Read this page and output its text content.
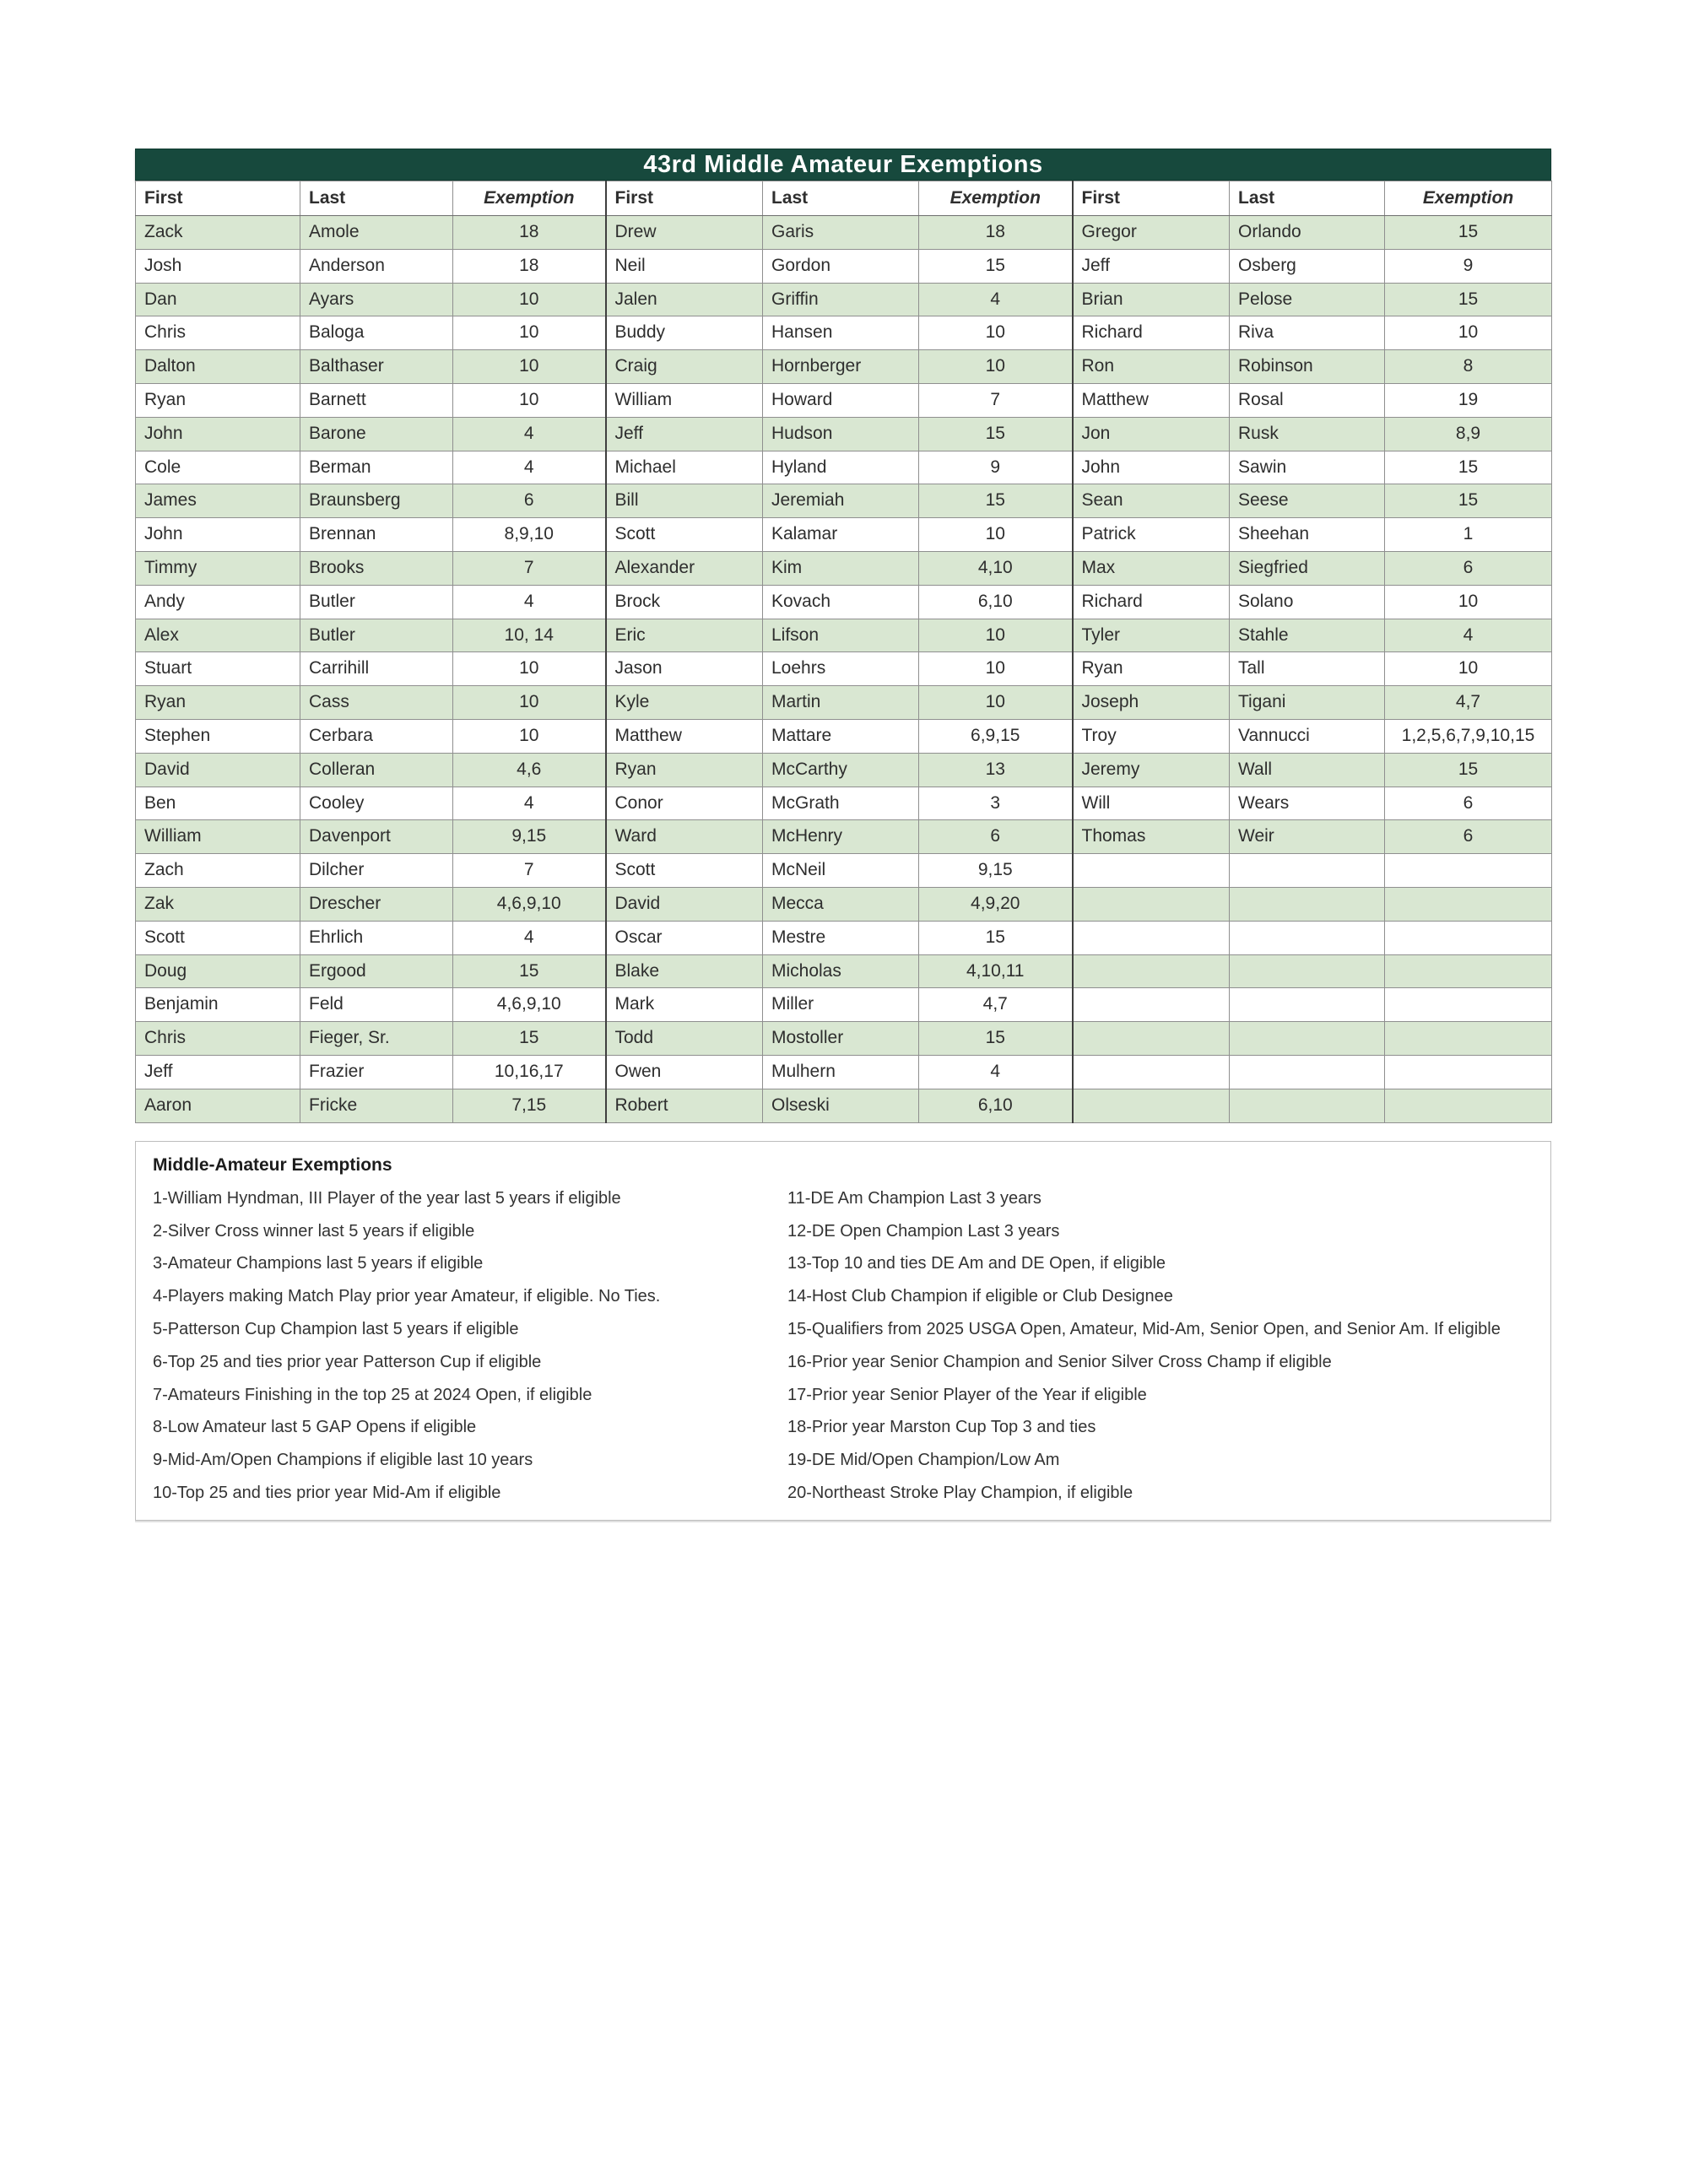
43rd Middle Amateur Exemptions
First	Last	Exemption	First	Last	Exemption	First	Last	Exemption
Zack	Amole	18	Drew	Garis	18	Gregor	Orlando	15
Josh	Anderson	18	Neil	Gordon	15	Jeff	Osberg	9
Dan	Ayars	10	Jalen	Griffin	4	Brian	Pelose	15
Chris	Baloga	10	Buddy	Hansen	10	Richard	Riva	10
Dalton	Balthaser	10	Craig	Hornberger	10	Ron	Robinson	8
Ryan	Barnett	10	William	Howard	7	Matthew	Rosal	19
John	Barone	4	Jeff	Hudson	15	Jon	Rusk	8,9
Cole	Berman	4	Michael	Hyland	9	John	Sawin	15
James	Braunsberg	6	Bill	Jeremiah	15	Sean	Seese	15
John	Brennan	8,9,10	Scott	Kalamar	10	Patrick	Sheehan	1
Timmy	Brooks	7	Alexander	Kim	4,10	Max	Siegfried	6
Andy	Butler	4	Brock	Kovach	6,10	Richard	Solano	10
Alex	Butler	10, 14	Eric	Lifson	10	Tyler	Stahle	4
Stuart	Carrihill	10	Jason	Loehrs	10	Ryan	Tall	10
Ryan	Cass	10	Kyle	Martin	10	Joseph	Tigani	4,7
Stephen	Cerbara	10	Matthew	Mattare	6,9,15	Troy	Vannucci	1,2,5,6,7,9,10,15
David	Colleran	4,6	Ryan	McCarthy	13	Jeremy	Wall	15
Ben	Cooley	4	Conor	McGrath	3	Will	Wears	6
William	Davenport	9,15	Ward	McHenry	6	Thomas	Weir	6
Zach	Dilcher	7	Scott	McNeil	9,15			
Zak	Drescher	4,6,9,10	David	Mecca	4,9,20			
Scott	Ehrlich	4	Oscar	Mestre	15			
Doug	Ergood	15	Blake	Micholas	4,10,11			
Benjamin	Feld	4,6,9,10	Mark	Miller	4,7			
Chris	Fieger, Sr.	15	Todd	Mostoller	15			
Jeff	Frazier	10,16,17	Owen	Mulhern	4			
Aaron	Fricke	7,15	Robert	Olseski	6,10			
Middle-Amateur Exemptions
1-William Hyndman, III Player of the year last 5 years if eligible	11-DE Am Champion Last 3 years
2-Silver Cross winner last 5 years if eligible	12-DE Open Champion Last 3 years
3-Amateur Champions last 5 years if eligible	13-Top 10 and ties DE Am and DE Open, if eligible
4-Players making Match Play prior year Amateur, if eligible. No Ties.	14-Host Club Champion if eligible or Club Designee
5-Patterson Cup Champion last 5 years if eligible	15-Qualifiers from 2025 USGA Open, Amateur, Mid-Am, Senior Open, and Senior Am. If eligible
6-Top 25 and ties prior year Patterson Cup if eligible	16-Prior year Senior Champion and Senior Silver Cross Champ if eligible
7-Amateurs Finishing in the top 25 at 2024 Open, if eligible	17-Prior year Senior Player of the Year if eligible
8-Low Amateur last 5 GAP Opens if eligible	18-Prior year Marston Cup Top 3 and ties
9-Mid-Am/Open Champions if eligible last 10 years	19-DE Mid/Open Champion/Low Am
10-Top 25 and ties prior year Mid-Am if eligible	20-Northeast Stroke Play Champion, if eligible
